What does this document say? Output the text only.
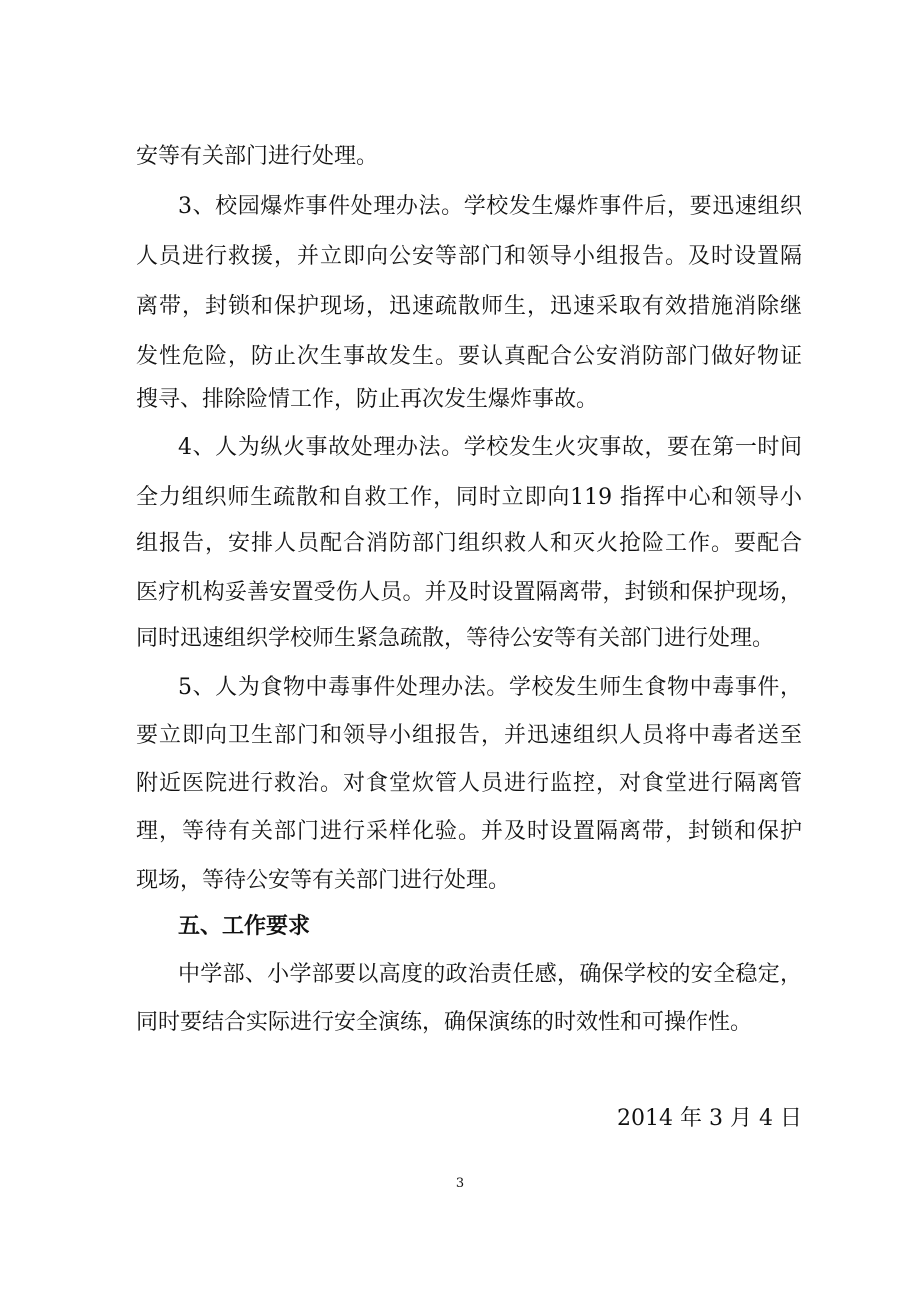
安等有关部门进行处理。
3、校园爆炸事件处理办法。学校发生爆炸事件后，要迅速组织
人员进行救援，并立即向公安等部门和领导小组报告。及时设置隔
离带，封锁和保护现场，迅速疏散师生，迅速采取有效措施消除继
发性危险，防止次生事故发生。要认真配合公安消防部门做好物证
搜寻、排除险情工作，防止再次发生爆炸事故。
4、人为纵火事故处理办法。学校发生火灾事故，要在第一时间
全力组织师生疏散和自救工作，同时立即向119 指挥中心和领导小
组报告，安排人员配合消防部门组织救人和灭火抢险工作。要配合
医疗机构妥善安置受伤人员。并及时设置隔离带，封锁和保护现场，
同时迅速组织学校师生紧急疏散，等待公安等有关部门进行处理。
5、人为食物中毒事件处理办法。学校发生师生食物中毒事件，
要立即向卫生部门和领导小组报告，并迅速组织人员将中毒者送至
附近医院进行救治。对食堂炊管人员进行监控，对食堂进行隔离管
理，等待有关部门进行采样化验。并及时设置隔离带，封锁和保护
现场，等待公安等有关部门进行处理。
五、工作要求
中学部、小学部要以高度的政治责任感，确保学校的安全稳定，
同时要结合实际进行安全演练，确保演练的时效性和可操作性。
2014 年 3 月 4 日
3
